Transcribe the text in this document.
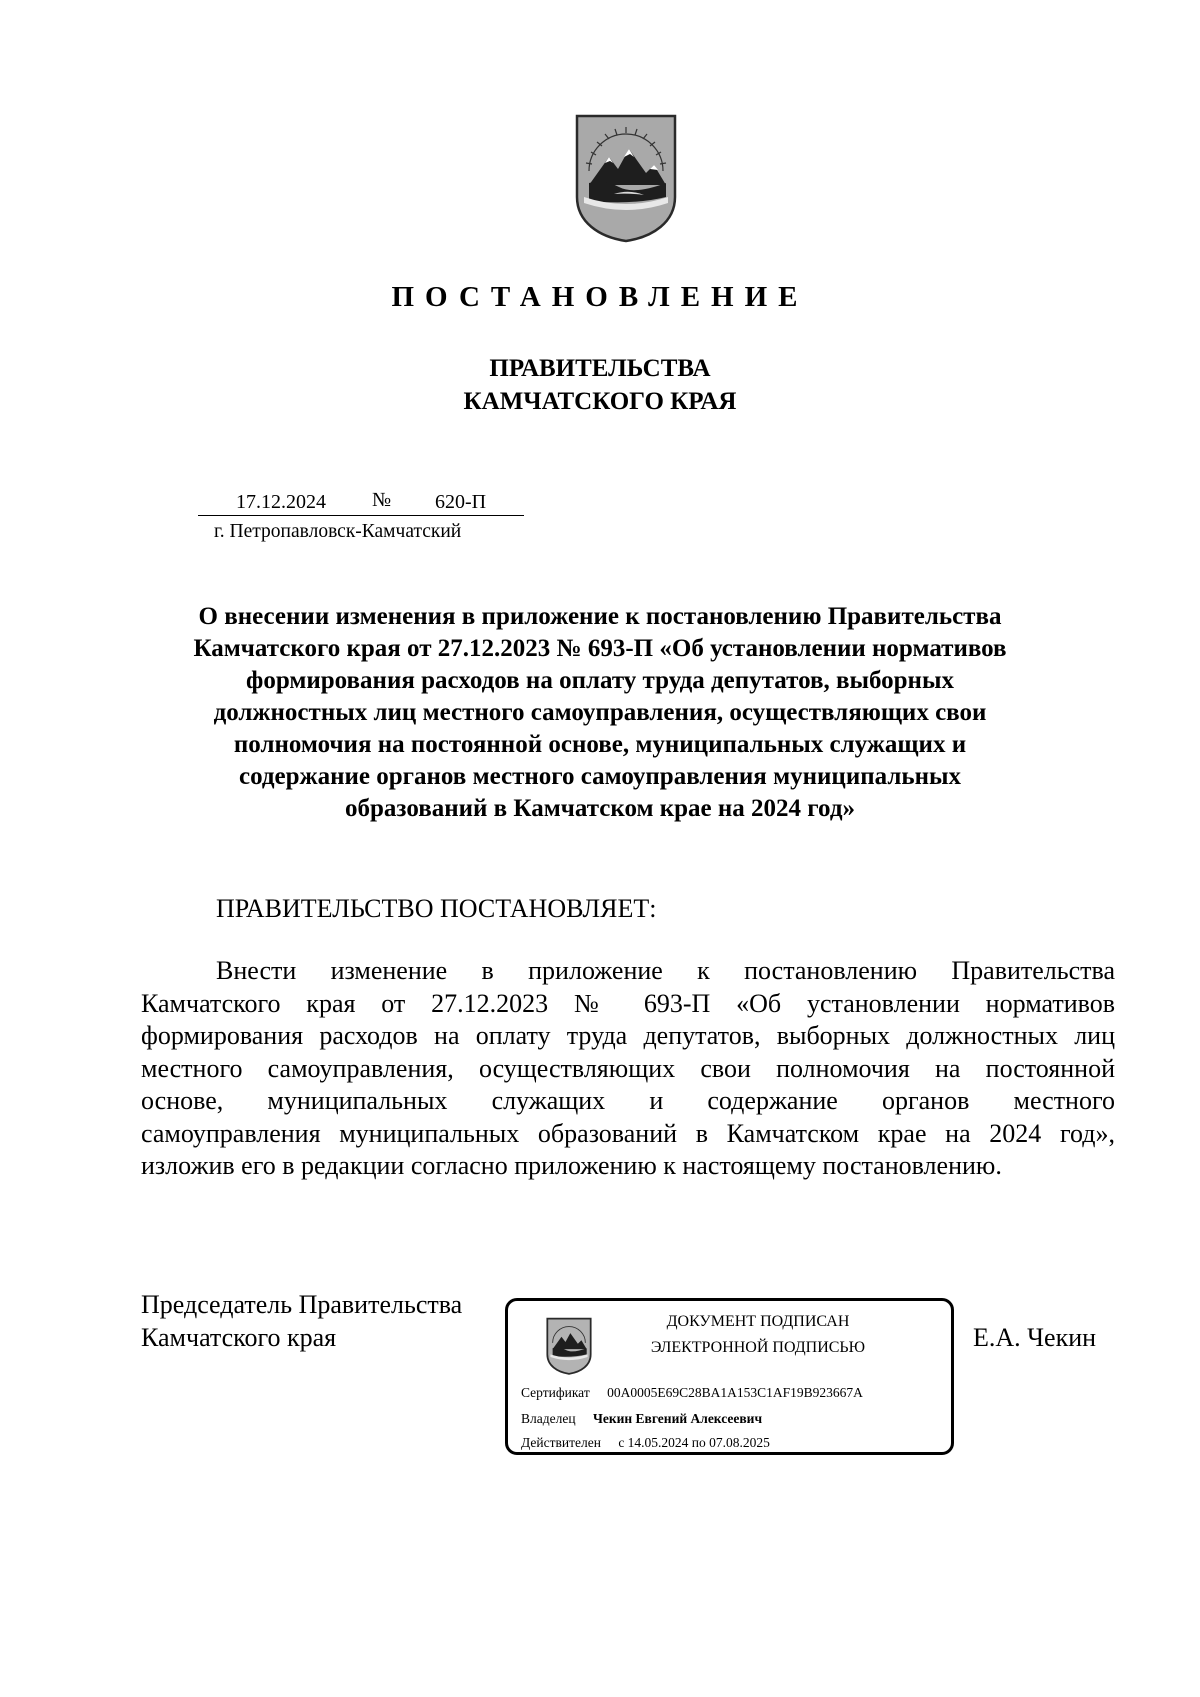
ПОСТАНОВЛЕНИЕ
ПРАВИТЕЛЬСТВА
КАМЧАТСКОГО КРАЯ
17.12.2024 № 620-П
г. Петропавловск-Камчатский
О внесении изменения в приложение к постановлению Правительства
Камчатского края от 27.12.2023 № 693-П «Об установлении нормативов
формирования расходов на оплату труда депутатов, выборных
должностных лиц местного самоуправления, осуществляющих свои
полномочия на постоянной основе, муниципальных служащих и
содержание органов местного самоуправления муниципальных
образований в Камчатском крае на 2024 год»
ПРАВИТЕЛЬСТВО ПОСТАНОВЛЯЕТ:
Внести изменение в приложение к постановлению Правительства
Камчатского края от 27.12.2023 № 693-П «Об установлении нормативов
формирования расходов на оплату труда депутатов, выборных должностных лиц
местного самоуправления, осуществляющих свои полномочия на постоянной
основе, муниципальных служащих и содержание органов местного
самоуправления муниципальных образований в Камчатском крае на 2024 год»,
изложив его в редакции согласно приложению к настоящему постановлению.
Председатель Правительства
Камчатского края
ДОКУМЕНТ ПОДПИСАН
ЭЛЕКТРОННОЙ ПОДПИСЬЮ
Сертификат 00A0005E69C28BA1A153C1AF19B923667A
Владелец Чекин Евгений Алексеевич
Действителен с 14.05.2024 по 07.08.2025
Е.А. Чекин
